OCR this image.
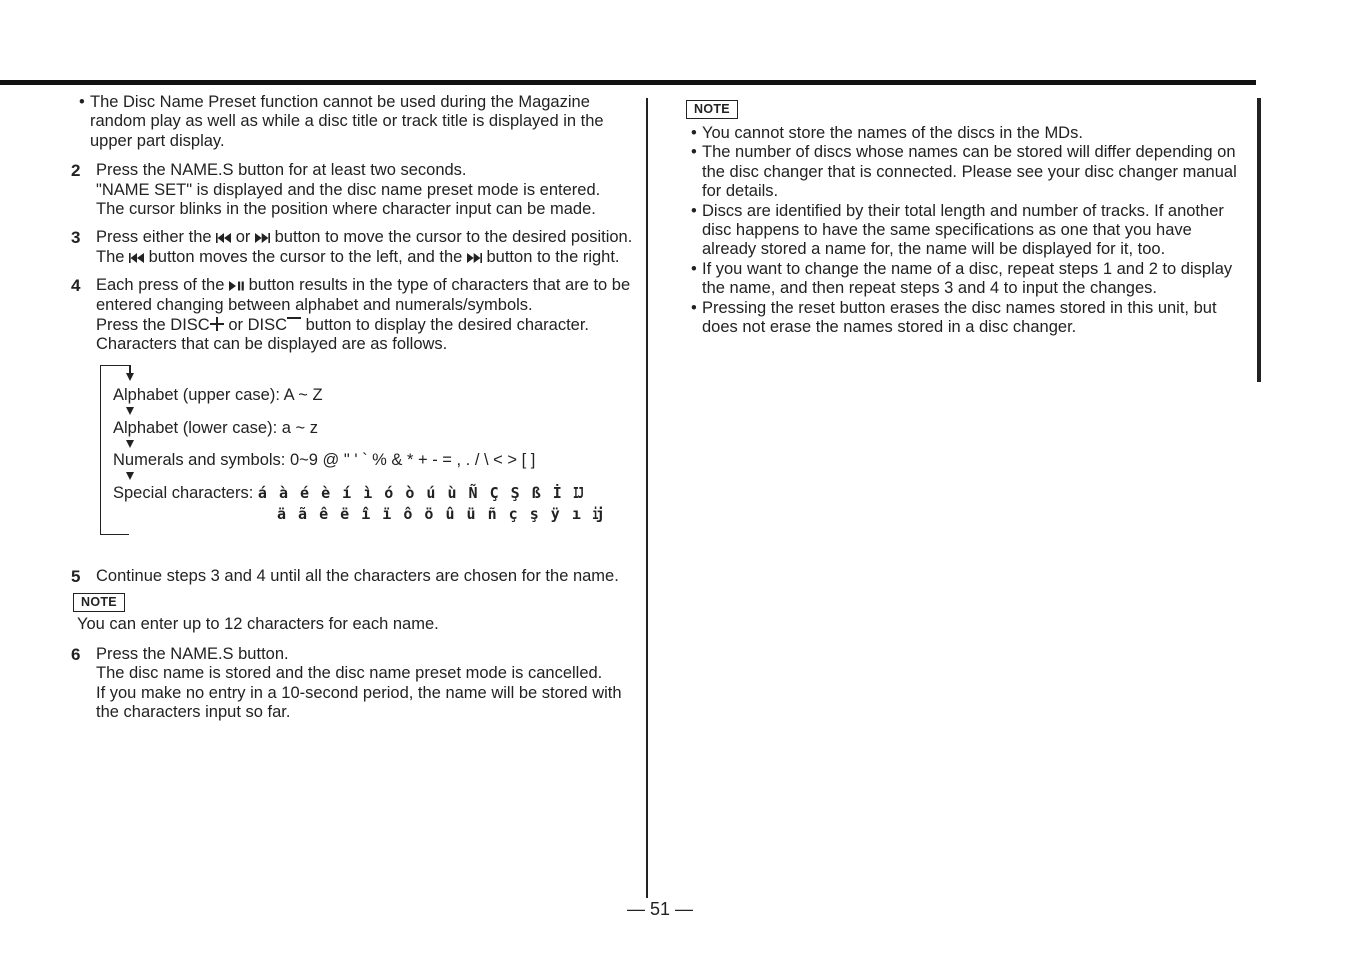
• The Disc Name Preset function cannot be used during the Magazine random play as well as while a disc title or track title is displayed in the upper part display.
2 Press the NAME.S button for at least two seconds.

"NAME SET" is displayed and the disc name preset mode is entered.

The cursor blinks in the position where character input can be made.

3 Press either the or button to move the cursor to the desired position.

The button moves the cursor to the left, and the button to the right.

4 Each press of the button results in the type of characters that are to be entered changing between alphabet and numerals/symbols.

Press the DISC or DISC button to display the desired character.

Characters that can be displayed are as follows.

Alphabet (upper case): A ~ Z
Alphabet (lower case): a ~ z
Numerals and symbols: 0~9 @ " ' ` % & * + - = , . / \ < > [ ]
Special characters: á à é è í ì ó ò ú ù Ñ Ç Ş ß İ Ĳ
ä ã ê ë î ï ô ö û ü ñ ç ş ÿ ı ĳ
5 Continue steps 3 and 4 until all the characters are chosen for the name.

NOTE

You can enter up to 12 characters for each name.

6 Press the NAME.S button.

The disc name is stored and the disc name preset mode is cancelled.

If you make no entry in a 10-second period, the name will be stored with the characters input so far.

NOTE
• You cannot store the names of the discs in the MDs.
• The number of discs whose names can be stored will differ depending on the disc changer that is connected. Please see your disc changer manual for details.
• Discs are identified by their total length and number of tracks. If another disc happens to have the same specifications as one that you have already stored a name for, the name will be displayed for it, too.
• If you want to change the name of a disc, repeat steps 1 and 2 to display the name, and then repeat steps 3 and 4 to input the changes.
• Pressing the reset button erases the disc names stored in this unit, but does not erase the names stored in a disc changer.
— 51 —
